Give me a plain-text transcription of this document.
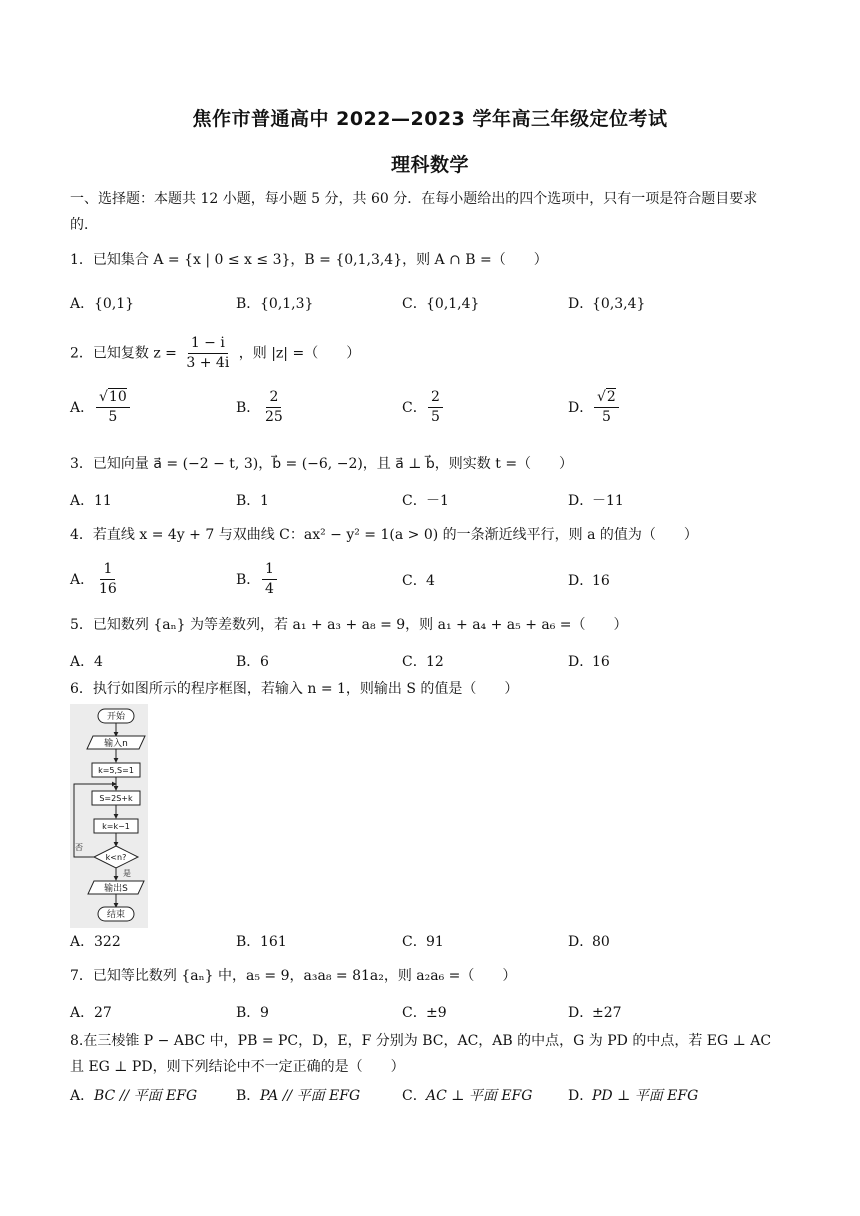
焦作市普通高中 2022—2023 学年高三年级定位考试
理科数学
一、选择题：本题共 12 小题，每小题 5 分，共 60 分．在每小题给出的四个选项中，只有一项是符合题目要求
的．
1．已知集合 A = {x | 0 ≤ x ≤ 3}，B = {0,1,3,4}，则 A ∩ B =（　　）
A．{0,1}	B．{0,1,3}	C．{0,1,4}	D．{0,3,4}
2．已知复数 $z = \frac{1 - i}{3 + 4i}$ ，则 |z| =（　　）
A． $\frac{√10}{5}$	B． $\frac{2}{25}$	C． $\frac{2}{5}$	D． $\frac{√2}{5}$
3．已知向量 a⃗ = (−2 − t, 3)，b⃗ = (−6, −2)，且 a⃗ ⊥ b⃗，则实数 t =（　　）
A．11	B．1	C．－1	D．－11
4．若直线 x = 4y + 7 与双曲线 C：ax² − y² = 1(a > 0) 的一条渐近线平行，则 a 的值为（　　）
A． $\frac{1}{16}$	B． $\frac{1}{4}$	C．4	D．16
5．已知数列 {aₙ} 为等差数列，若 a₁ + a₃ + a₈ = 9，则 a₁ + a₄ + a₅ + a₆ =（　　）
A．4	B．6	C．12	D．16
6．执行如图所示的程序框图，若输入 n = 1，则输出 S 的值是（　　）
开始
输入n
k=5,S=1
S=2S+k
k=k−1
k<n?
否
是
输出S
结束
A．322	B．161	C．91	D．80
7．已知等比数列 {aₙ} 中，a₅ = 9，a₃a₈ = 81a₂，则 a₂a₆ =（　　）
A．27	B．9	C．±9	D．±27
8.在三棱锥 P − ABC 中，PB = PC，D，E，F 分别为 BC，AC，AB 的中点，G 为 PD 的中点，若 EG ⊥ AC
且 EG ⊥ PD，则下列结论中不一定正确的是（　　）
A．BC // 平面 EFG	B．PA // 平面 EFG	C．AC ⊥ 平面 EFG	D．PD ⊥ 平面 EFG
